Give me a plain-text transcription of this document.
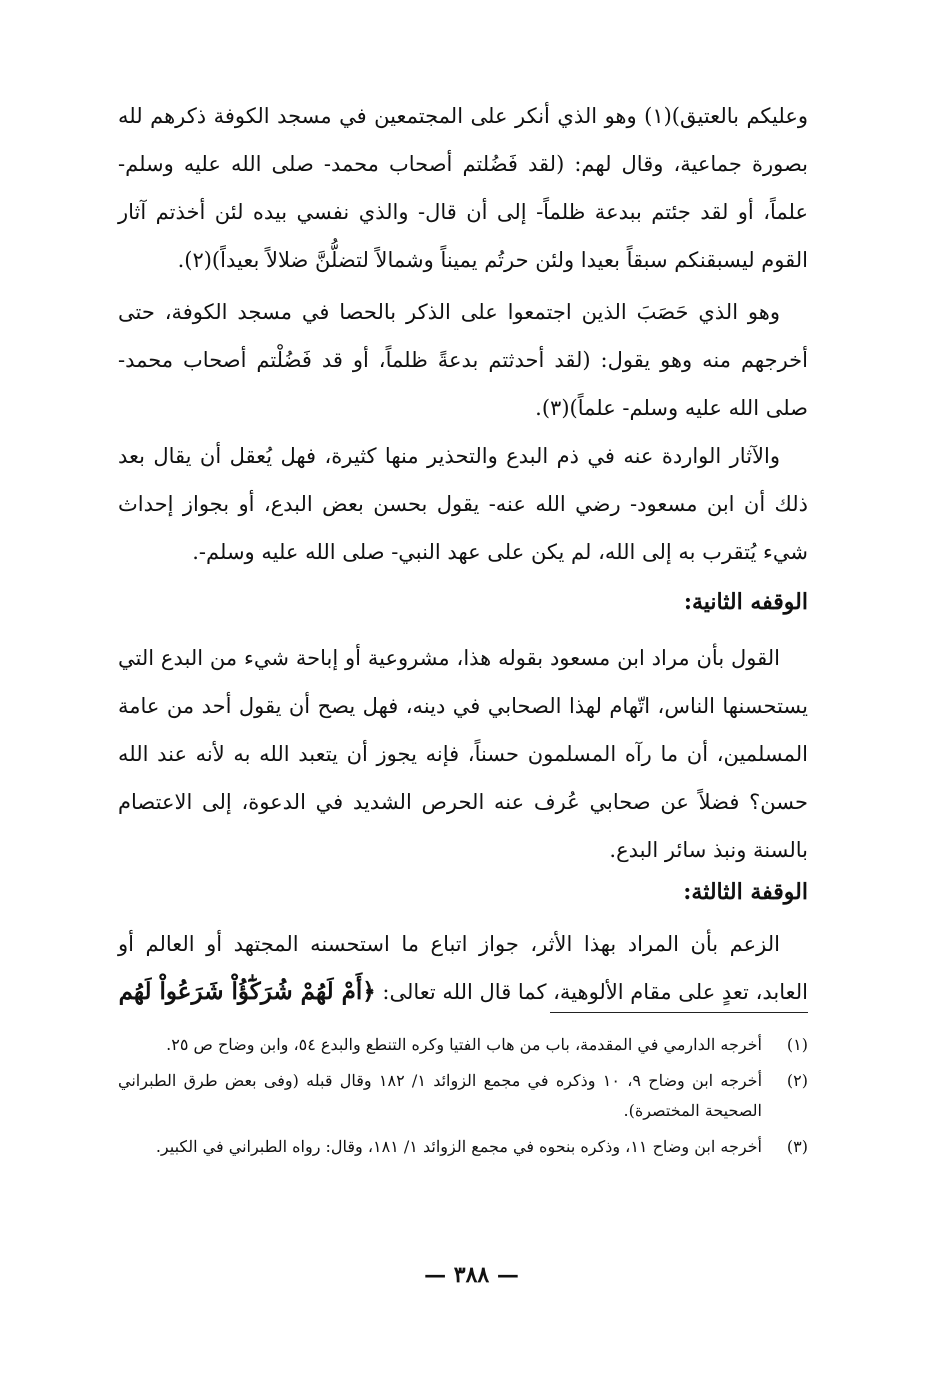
وعليكم بالعتيق)(١) وهو الذي أنكر على المجتمعين في مسجد الكوفة ذكرهم لله بصورة جماعية، وقال لهم: (لقد فَضُلتم أصحاب محمد- صلى الله عليه وسلم- علماً، أو لقد جئتم ببدعة ظلماً- إلى أن قال- والذي نفسي بيده لئن أخذتم آثار القوم ليسبقنكم سبقاً بعيدا ولئن حرتُم يميناً وشمالاً لتضلُّنَّ ضلالاً بعيداً)(٢).

وهو الذي حَصَبَ الذين اجتمعوا على الذكر بالحصا في مسجد الكوفة، حتى أخرجهم منه وهو يقول: (لقد أحدثتم بدعةً ظلماً، أو قد فَضُلْتم أصحاب محمد- صلى الله عليه وسلم- علماً)(٣).

والآثار الواردة عنه في ذم البدع والتحذير منها كثيرة، فهل يُعقل أن يقال بعد ذلك أن ابن مسعود- رضي الله عنه- يقول بحسن بعض البدع، أو بجواز إحداث شيء يُتقرب به إلى الله، لم يكن على عهد النبي- صلى الله عليه وسلم-.

الوقفه الثانية:

القول بأن مراد ابن مسعود بقوله هذا، مشروعية أو إباحة شيء من البدع التي يستحسنها الناس، اتّهام لهذا الصحابي في دينه، فهل يصح أن يقول أحد من عامة المسلمين، أن ما رآه المسلمون حسناً، فإنه يجوز أن يتعبد الله به لأنه عند الله حسن؟ فضلاً عن صحابي عُرف عنه الحرص الشديد في الدعوة، إلى الاعتصام بالسنة ونبذ سائر البدع.

الوقفة الثالثة:

الزعم بأن المراد بهذا الأثر، جواز اتباع ما استحسنه المجتهد أو العالم أو العابد، تعدٍ على مقام الألوهية، كما قال الله تعالى: ﴿أَمْ لَهُمْ شُرَكَٰٓؤُاْ شَرَعُواْ لَهُم

(١)
أخرجه الدارمي في المقدمة، باب من هاب الفتيا وكره التنطع والبدع ٥٤، وابن وضاح ص ٢٥.
(٢)
أخرجه ابن وضاح ٩، ١٠ وذكره في مجمع الزوائد ١/ ١٨٢ وقال قبله (وفى بعض طرق الطبراني الصحيحة المختصرة).
(٣)
أخرجه ابن وضاح ١١، وذكره بنحوه في مجمع الزوائد ١/ ١٨١، وقال: رواه الطبراني في الكبير.
— ٣٨٨ —
